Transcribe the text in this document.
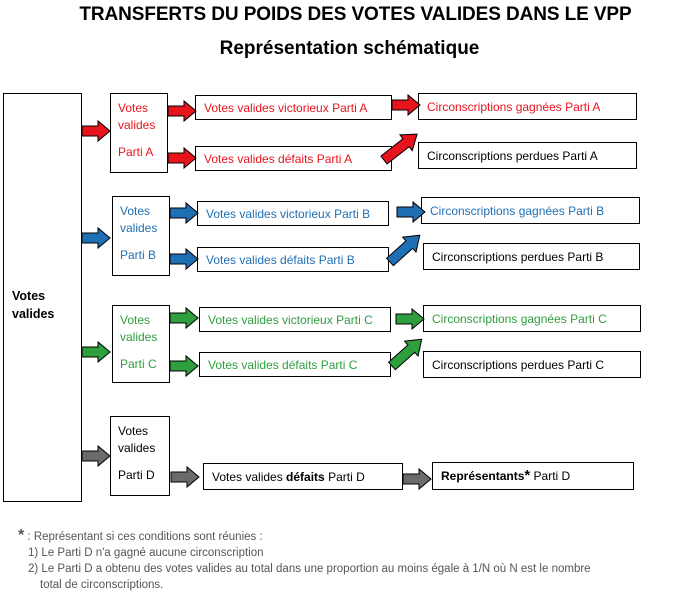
TRANSFERTS DU POIDS DES VOTES VALIDES DANS LE VPP
Représentation schématique
Votes
valides
Votes
valides
Parti A
Votes valides victorieux Parti A
Votes valides défaits Parti A
Circonscriptions gagnées Parti A
Circonscriptions perdues Parti A
Votes
valides
Parti B
Votes valides victorieux Parti B
Votes valides défaits Parti B
Circonscriptions gagnées Parti B
Circonscriptions perdues Parti B
Votes
valides
Parti C
Votes valides victorieux Parti C
Votes valides défaits Parti C
Circonscriptions gagnées Parti C
Circonscriptions perdues Parti C
Votes
valides
Parti D	Votes valides défaits Parti D	Représentants * Parti D
* : Représentant si ces conditions sont réunies :
1) Le Parti D n'a gagné aucune circonscription
2) Le Parti D a obtenu des votes valides au total dans une proportion au moins égale à 1/N où N est le nombre
total de circonscriptions.
